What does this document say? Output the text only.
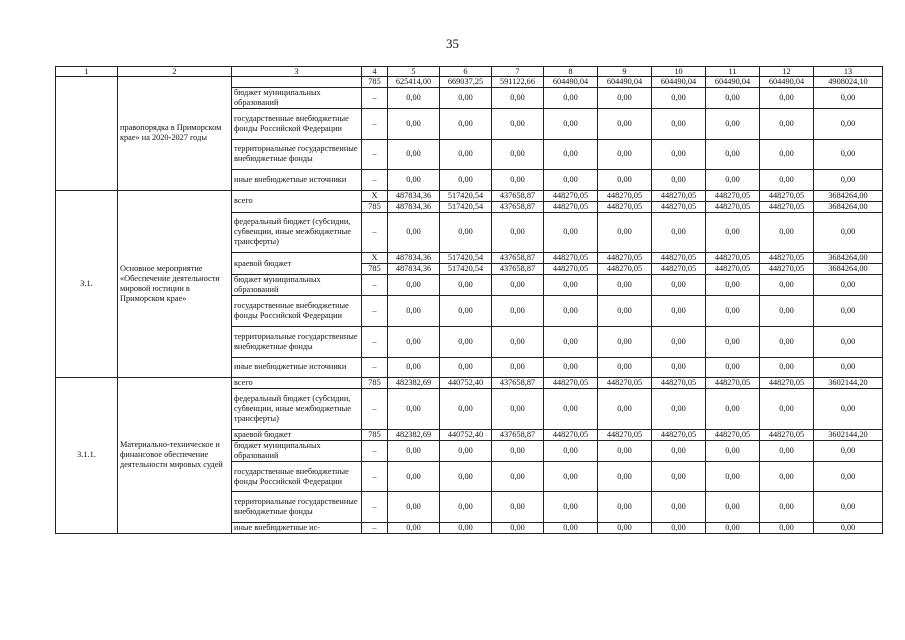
35
1	2	3	4	5	6	7	8	9	10	11	12	13
	правопорядка в Приморском крае» на 2020-2027 годы		785	625414,00	669037,25	591122,66	604490,04	604490,04	604490,04	604490,04	604490,04	4908024,10
		бюджет муниципальных образований	–	0,00	0,00	0,00	0,00	0,00	0,00	0,00	0,00	0,00
		государственные внебюджетные фонды Российской Федерации	–	0,00	0,00	0,00	0,00	0,00	0,00	0,00	0,00	0,00
		территориальные государственные внебюджетные фонды	–	0,00	0,00	0,00	0,00	0,00	0,00	0,00	0,00	0,00
		иные внебюджетные источники	–	0,00	0,00	0,00	0,00	0,00	0,00	0,00	0,00	0,00
3.1.	Основное мероприятие «Обеспечение деятельности мировой юстиции в Приморском крае»	всего	Х	487834,36	517420,54	437658,87	448270,05	448270,05	448270,05	448270,05	448270,05	3684264,00
			785	487834,36	517420,54	437658,87	448270,05	448270,05	448270,05	448270,05	448270,05	3684264,00
		федеральный бюджет (субсидии, субвенции, иные межбюджетные трансферты)	–	0,00	0,00	0,00	0,00	0,00	0,00	0,00	0,00	0,00
		краевой бюджет	Х	487834,36	517420,54	437658,87	448270,05	448270,05	448270,05	448270,05	448270,05	3684264,00
			785	487834,36	517420,54	437658,87	448270,05	448270,05	448270,05	448270,05	448270,05	3684264,00
		бюджет муниципальных образований	–	0,00	0,00	0,00	0,00	0,00	0,00	0,00	0,00	0,00
		государственные внебюджетные фонды Российской Федерации	–	0,00	0,00	0,00	0,00	0,00	0,00	0,00	0,00	0,00
		территориальные государственные внебюджетные фонды	–	0,00	0,00	0,00	0,00	0,00	0,00	0,00	0,00	0,00
		иные внебюджетные источники	–	0,00	0,00	0,00	0,00	0,00	0,00	0,00	0,00	0,00
3.1.1.	Материально-техническое и финансовое обеспечение деятельности мировых судей	всего	785	482382,69	440752,40	437658,87	448270,05	448270,05	448270,05	448270,05	448270,05	3602144,20
		федеральный бюджет (субсидии, субвенции, иные межбюджетные трансферты)	–	0,00	0,00	0,00	0,00	0,00	0,00	0,00	0,00	0,00
		краевой бюджет	785	482382,69	440752,40	437658,87	448270,05	448270,05	448270,05	448270,05	448270,05	3602144,20
		бюджет муниципальных образований	–	0,00	0,00	0,00	0,00	0,00	0,00	0,00	0,00	0,00
		государственные внебюджетные фонды Российской Федерации	–	0,00	0,00	0,00	0,00	0,00	0,00	0,00	0,00	0,00
		территориальные государственные внебюджетные фонды	–	0,00	0,00	0,00	0,00	0,00	0,00	0,00	0,00	0,00
		иные внебюджетные ис-	–	0,00	0,00	0,00	0,00	0,00	0,00	0,00	0,00	0,00
